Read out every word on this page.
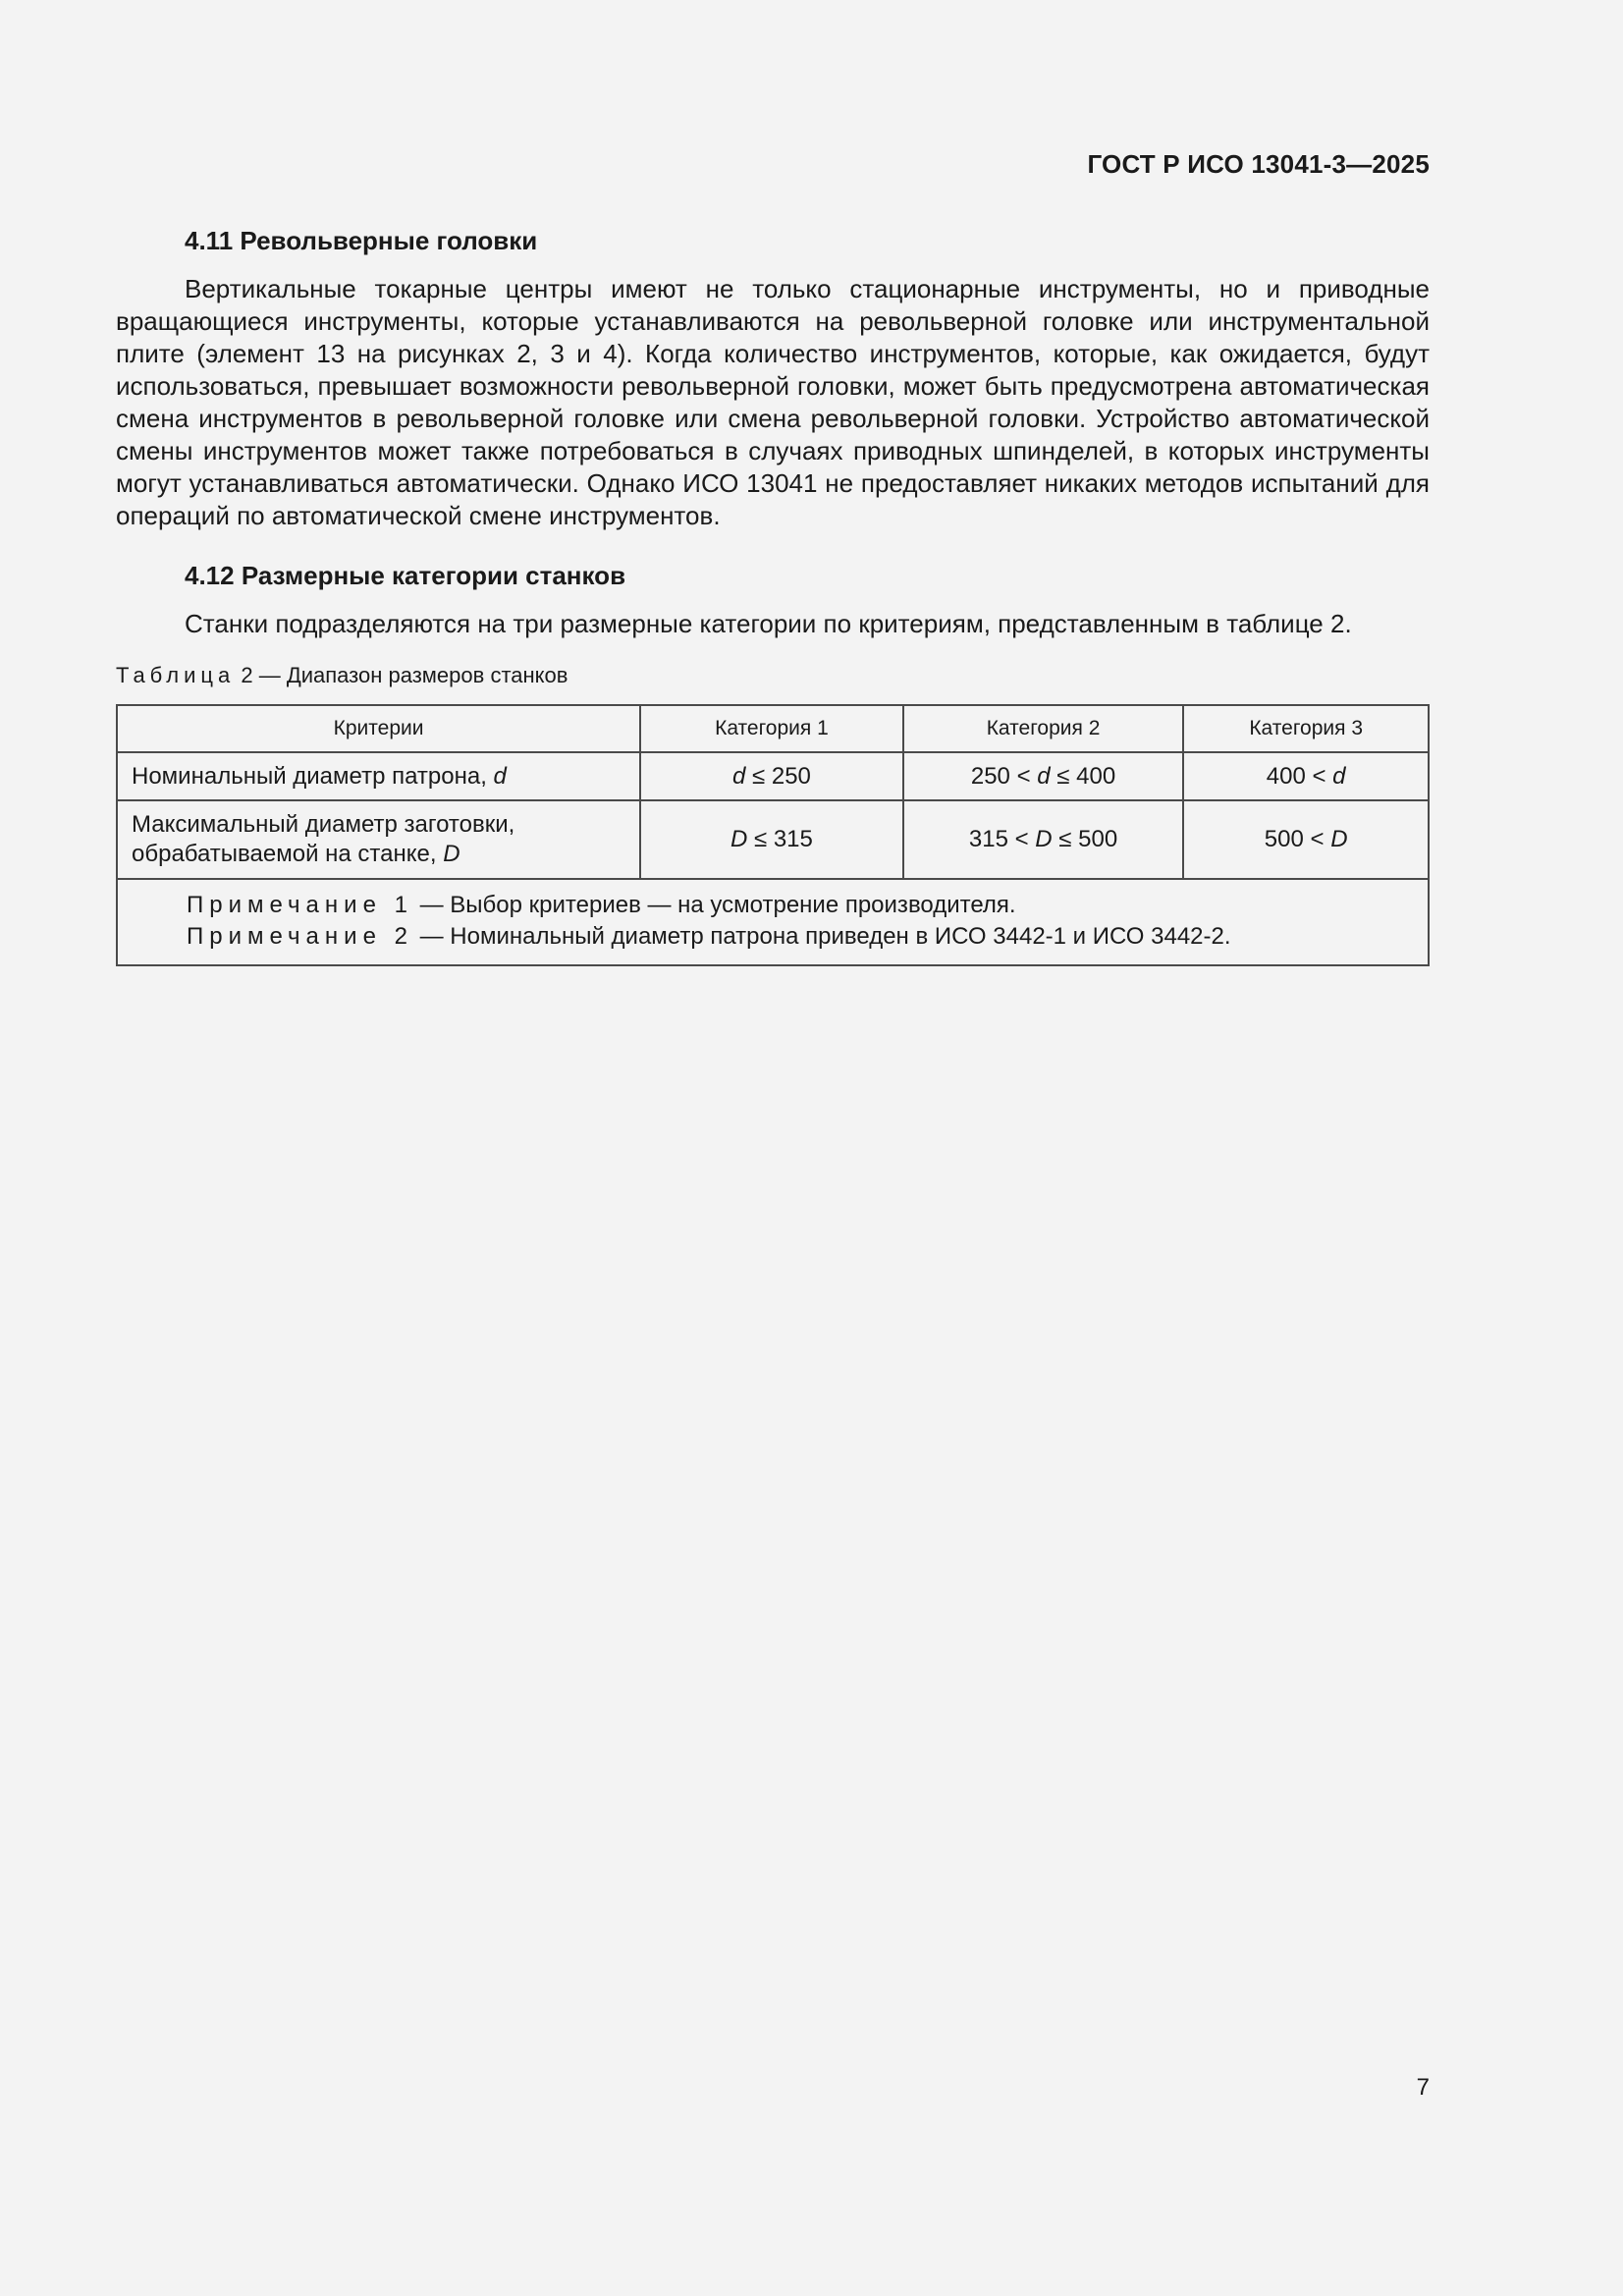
ГОСТ Р ИСО 13041-3—2025
4.11 Револьверные головки

Вертикальные токарные центры имеют не только стационарные инструменты, но и приводные вращающиеся инструменты, которые устанавливаются на револьверной головке или инструментальной плите (элемент 13 на рисунках 2, 3 и 4). Когда количество инструментов, которые, как ожидается, будут использоваться, превышает возможности револьверной головки, может быть предусмотрена автоматическая смена инструментов в револьверной головке или смена револьверной головки. Устройство автоматической смены инструментов может также потребоваться в случаях приводных шпинделей, в которых инструменты могут устанавливаться автоматически. Однако ИСО 13041 не предоставляет никаких методов испытаний для операций по автоматической смене инструментов.

4.12 Размерные категории станков

Станки подразделяются на три размерные категории по критериям, представленным в таблице 2.

Таблица 2 — Диапазон размеров станков
Критерии	Категория 1	Категория 2	Категория 3
Номинальный диаметр патрона, d	d ≤ 250	250 < d ≤ 400	400 < d
Максимальный диаметр заготовки,
обрабатываемой на станке, D	D ≤ 315	315 < D ≤ 500	500 < D

Примечание 1 — Выбор критериев — на усмотрение производителя.
Примечание 2 — Номинальный диаметр патрона приведен в ИСО 3442-1 и ИСО 3442-2.			
7
